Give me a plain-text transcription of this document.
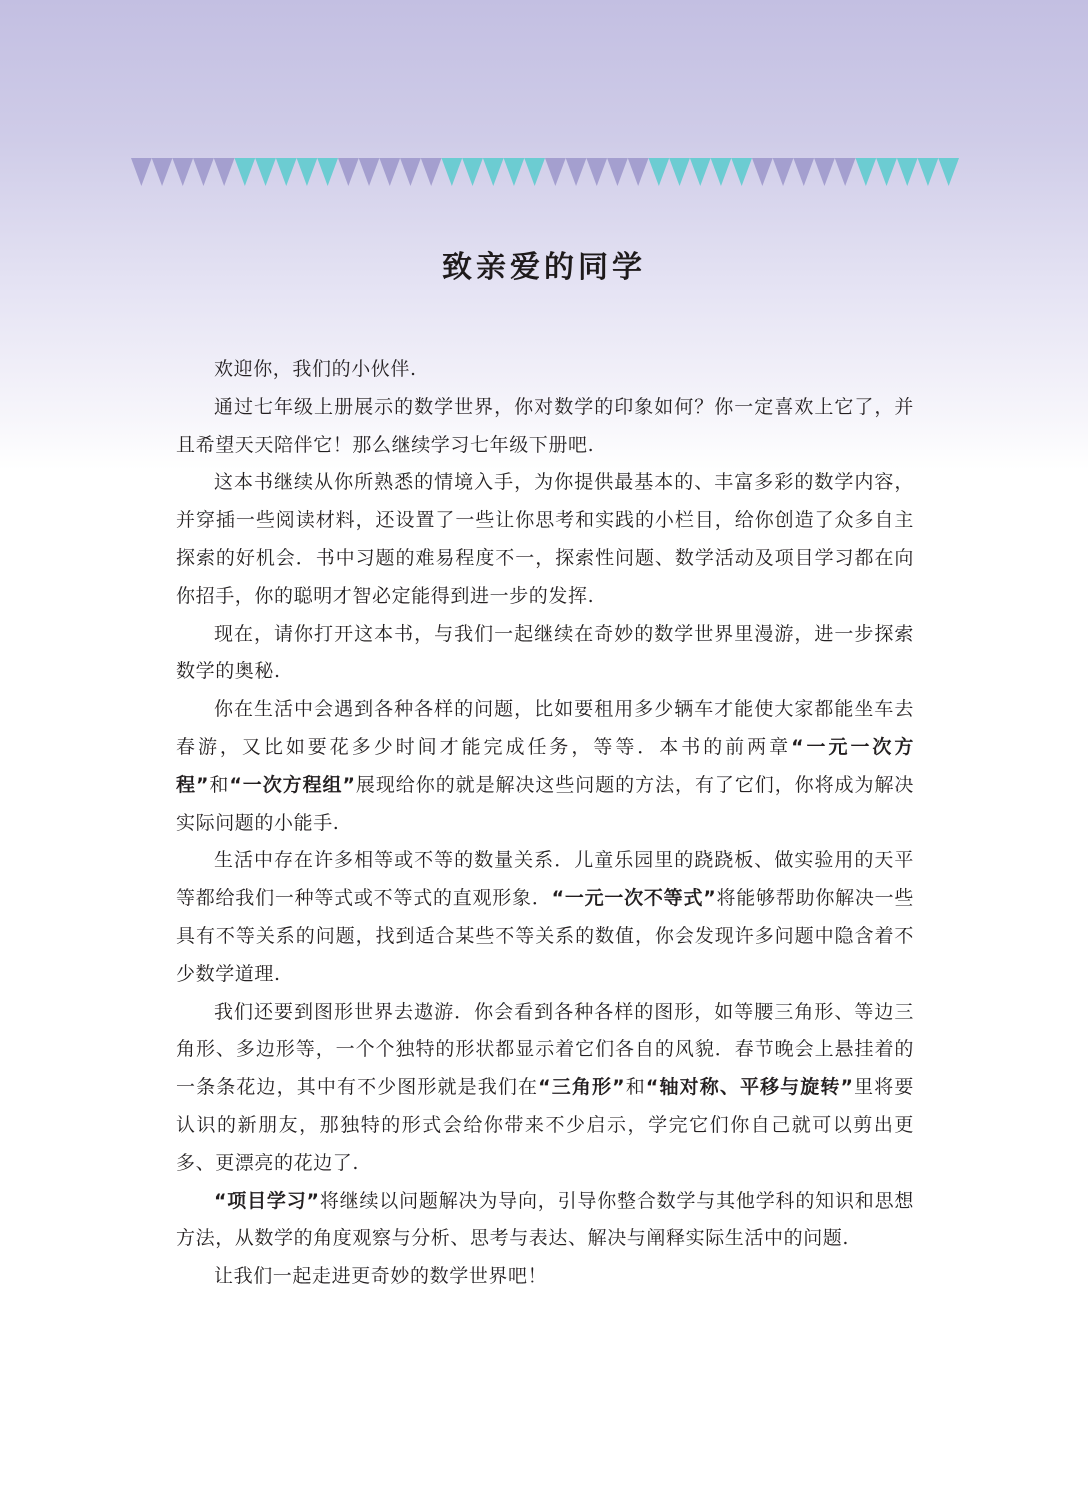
致亲爱的同学

欢迎你，我们的小伙伴.

通过七年级上册展示的数学世界，你对数学的印象如何？你一定喜欢上它了，并且希望天天陪伴它！那么继续学习七年级下册吧.

这本书继续从你所熟悉的情境入手，为你提供最基本的、丰富多彩的数学内容，并穿插一些阅读材料，还设置了一些让你思考和实践的小栏目，给你创造了众多自主探索的好机会．书中习题的难易程度不一，探索性问题、数学活动及项目学习都在向你招手，你的聪明才智必定能得到进一步的发挥.

现在，请你打开这本书，与我们一起继续在奇妙的数学世界里漫游，进一步探索数学的奥秘.

你在生活中会遇到各种各样的问题，比如要租用多少辆车才能使大家都能坐车去春游，又比如要花多少时间才能完成任务，等等．本书的前两章“一元一次方程”和“一次方程组”展现给你的就是解决这些问题的方法，有了它们，你将成为解决实际问题的小能手.

生活中存在许多相等或不等的数量关系．儿童乐园里的跷跷板、做实验用的天平等都给我们一种等式或不等式的直观形象．“一元一次不等式”将能够帮助你解决一些具有不等关系的问题，找到适合某些不等关系的数值，你会发现许多问题中隐含着不少数学道理.

我们还要到图形世界去遨游．你会看到各种各样的图形，如等腰三角形、等边三角形、多边形等，一个个独特的形状都显示着它们各自的风貌．春节晚会上悬挂着的一条条花边，其中有不少图形就是我们在“三角形”和“轴对称、平移与旋转”里将要认识的新朋友，那独特的形式会给你带来不少启示，学完它们你自己就可以剪出更多、更漂亮的花边了.

“项目学习”将继续以问题解决为导向，引导你整合数学与其他学科的知识和思想方法，从数学的角度观察与分析、思考与表达、解决与阐释实际生活中的问题.

让我们一起走进更奇妙的数学世界吧！
